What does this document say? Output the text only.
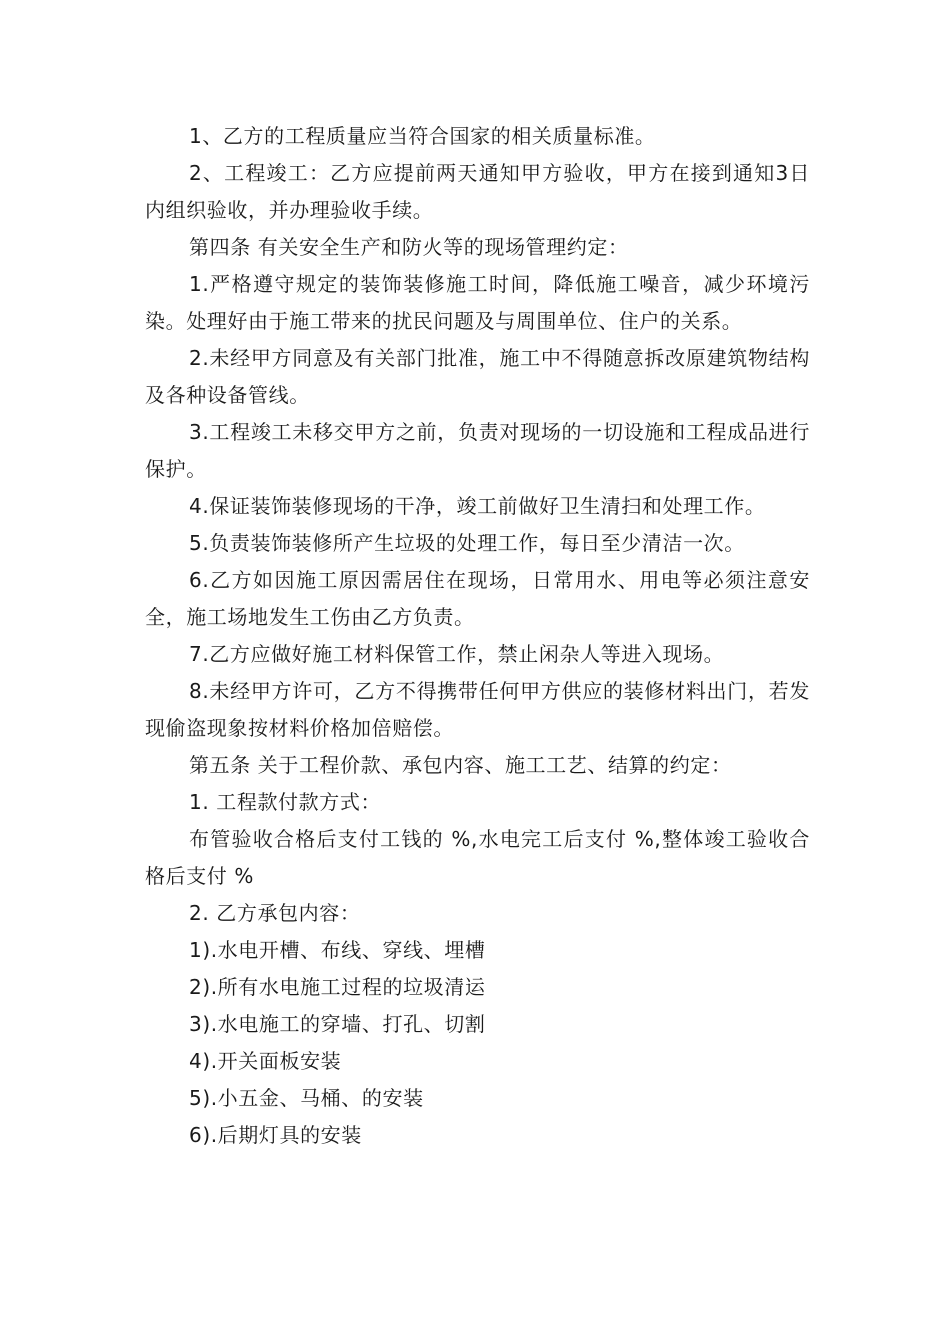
1、乙方的工程质量应当符合国家的相关质量标准。

2、工程竣工：乙方应提前两天通知甲方验收，甲方在接到通知3日内组织验收，并办理验收手续。

第四条 有关安全生产和防火等的现场管理约定：

1.严格遵守规定的装饰装修施工时间，降低施工噪音，减少环境污染。处理好由于施工带来的扰民问题及与周围单位、住户的关系。

2.未经甲方同意及有关部门批准，施工中不得随意拆改原建筑物结构及各种设备管线。

3.工程竣工未移交甲方之前，负责对现场的一切设施和工程成品进行保护。

4.保证装饰装修现场的干净，竣工前做好卫生清扫和处理工作。

5.负责装饰装修所产生垃圾的处理工作，每日至少清洁一次。

6.乙方如因施工原因需居住在现场，日常用水、用电等必须注意安全，施工场地发生工伤由乙方负责。

7.乙方应做好施工材料保管工作，禁止闲杂人等进入现场。

8.未经甲方许可，乙方不得携带任何甲方供应的装修材料出门，若发现偷盗现象按材料价格加倍赔偿。

第五条 关于工程价款、承包内容、施工工艺、结算的约定：

1. 工程款付款方式：

布管验收合格后支付工钱的 %,水电完工后支付 %,整体竣工验收合格后支付 %

2. 乙方承包内容：

1).水电开槽、布线、穿线、埋槽

2).所有水电施工过程的垃圾清运

3).水电施工的穿墙、打孔、切割

4).开关面板安装

5).小五金、马桶、的安装

6).后期灯具的安装
